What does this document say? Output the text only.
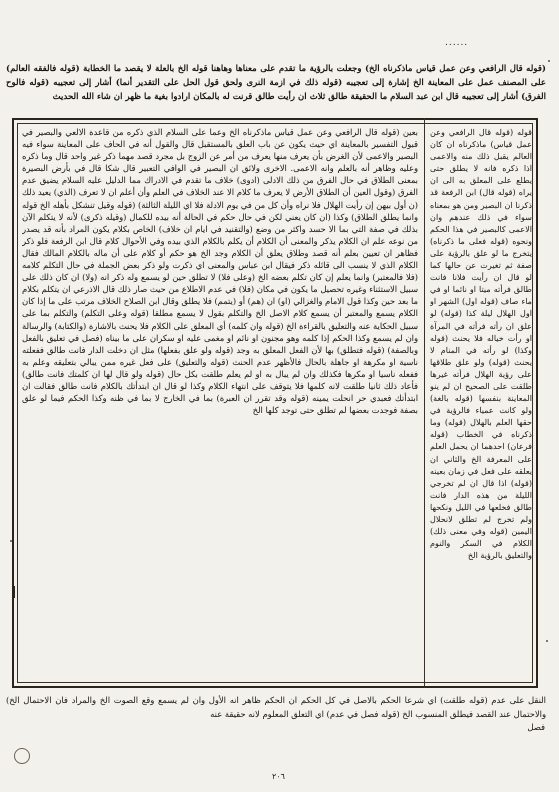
......

(قوله قال الرافعي وعن عمل قياس ماذكرناه الخ) وجعلت بالرؤية ما تقدم على معناها وهاهنا قوله الخ بالعلة لا يقصد ما الخطابة (قوله فالفقه العالم) على المصنف عمل على المعاينة الخ إشارة إلى تعجيبه (قوله ذلك في ازمة النرى ولحق قول الحل على التقدير أنما) أشار إلى تعجيبه (قوله فالوح الفرق) أشار إلى تعجيبه قال ابن عبد السلام ما الحقيقة طالق ثلاث ان رأيت طالق قرنت له بالمكان ارادوا بغية ما ظهر ان شاء الله الحديث

بعين (قوله قال الرافعي وعن عمل قياس ماذكرناه الخ وعما على السلام الذي ذكره من قاعدة الالعي والبصير في قبول التفسير بالمعاينة اي حيث يكون عن باب العلق بالمستقبل قال والقول أنه في الحاف على المعاينة سواء فيه البصير والاعمى لأن الغرض بأن يعرف منها يعرف من أمر عن الزوج بل مجرد قصد مهما ذكر غير واحد قال وما ذكره وعليه وظاهر أنه بالعلم وانه الاعمى. الاخرى ولائق ان البصير في الوافي التعبير قال شكا قال في بأرض البصيرة بمعنى الطلاق في حال الفرق من ذلك الادلى (ادوى) خلاف ما تقدم في الادراك مما الدليل عليه السلام يضيق عدم الفرق (وقول العين أن الطلاق الأرض لا يعرف ما كلام الا عند الخلاف في العلم وأن أعلم ان لا تعرف (الذي) يعيد ذلك (ن أول بيهن إن رأيت الهلال فلا نراه وأن كل من في يوم الادلة فلا اي الليلة الثالثة) (قوله وقيل تنشكل بأهله الخ قوله وانما يطلق الطلاق) وكذا (ان كان يعني لكن في حال حكم في الحالة أنه بيده للكمال (وقيله ذكرى) لأنه لا يتكلم الآن بذلك في صفة التي بما الا حسد واكثر من وضع (والتقنيد في ايام ان خلاف) الخاص بكلام يكون المراد بأنه قد يصدر من نوعه علم ان الكلام يذكر والمعنى أن الكلام أن يكلم بالكلام الذي بيده وفي الأحوال كلام قال ابن الرفعة فلو ذكر فظاهر ان تعيين بعلم أنه قصد وطلاق يعلق أن الكلام وجد الخ هو حكم أو كلام على أن ماله بالكلام المالك فقال الكلام الذي لا ينسب الى قائله ذكر فيقال ابن عباس والمعنى اي ذكرت ولو ذكر بعض الجملة في حال التكلم كلامه (فلا فالمعتبر) وانما يعلم إن كان تكلم بعضه الخ (وعلى فلا) لا تطلق حين لو يسمع وله ذكر انه (ولا) ان كان ذلك على سبيل الاستثناء وغيره تحصيل ما يكون في مكان (فلا) في عدم الاطلاع من حيث صار ذلك قال الاذرعي ان يتكلم بكلام ما بعد حين وكذا قول الامام والغزالي (او) ان (هم) أو (يتمم) فلا يطلق وقال ابن الصلاح الخلاف مرتب على ما إذا كان الكلام يسمع والمعتبر أن يسمع كلام الاصل الخ والتكلم بقول لا يسمع مطلقا (قوله وعلى التكلم) والتكلم بما على سبيل الحكاية عنه والتعليق بالقراءة الخ (قوله وان كلمه) أي المعلق على الكلام فلا يحنث بالاشارة (والكتابة) والرسالة وان لم يسمع وكذا الحكم إذا كلمه وهو مجنون او نائم او مغمى عليه او سكران على ما بيناه (فصل في تعليق بالفعل وبالصفة) (قوله فتطلق) بها لأن الفعل المعلق به وجد (قوله ولو علق بفعلها) مثل ان دخلت الدار فانت طالق ففعلته ناسية او مكرهة او جاهلة بالحال فالأظهر عدم الحنث (قوله والتعليق) على فعل غيره ممن يبالي بتعليقه وعلم به ففعله ناسيا او مكرها فكذلك وان لم يبال به او لم يعلم طلقت بكل حال (قوله ولو قال لها ان كلمتك فانت طالق) فأعاد ذلك ثانيا طلقت لانه كلمها فلا يتوقف على انتهاء الكلام وكذا لو قال ان ابتدأتك بالكلام فانت طالق فقالت ان ابتدأتك فعبدي حر انحلت يمينه (قوله وقد تقرر ان العبرة) بما في الخارج لا بما في ظنه وكذا الحكم فيما لو علق بصفة فوجدت بعضها لم تطلق حتى توجد كلها الخ

قوله (قوله قال الرافعي وعن عمل قياس) ماذكرناه ان كان العالم يقبل ذلك منه والاعمى اذا ذكره فانه لا يطلق حتى يطلع على المعلق به الى ان يراه (قوله قال) ابن الرفعة قد ذكرنا ان البصير ومن هو بمعناه سواء في ذلك عندهم وان الاعمى كالبصير في هذا الحكم ونحوه (قوله فعلى ما ذكرناه) يتخرج ما لو علق بالرؤية على صفة ثم تغيرت عن حالها كما لو قال ان رأيت فلانا فانت طالق فرأته ميتا او نائما او في ماء صاف (قوله اول) الشهر او اول الهلال ليلة كذا (قوله) لو علق ان رأته فرأته في المرآة او رأت خياله فلا يحنث (قوله وكذا) لو رأته في المنام لا يحنث (قوله) ولو علق طلاقها على رؤية الهلال فرأته غيرها طلقت على الصحيح ان لم ينو المعاينة بنفسها (قوله بالغة) ولو كانت عمياء فالرؤية في حقها العلم بالهلال (قوله) وما ذكرناه في الخطاب (قوله فرعان) احدهما ان يحمل العلم على المعرفة الخ والثاني ان يعلقه على فعل في زمان بعينه (قوله) اذا قال ان لم تخرجي الليلة من هذه الدار فانت طالق فخلعها في الليل ونكحها ولم تخرج لم تطلق لانحلال اليمين (قوله وفي معنى ذلك) الكلام في السكر والنوم والتعليق بالرؤية الخ

النقل على عدم (قوله طلقت) اي شرعا الحكم بالاصل في كل الحكم ان الحكم ظاهر انه الأول وان لم يسمع وقع الصوت الخ والمراد فان الاحتمال الخ) والاحتمال عند القصد فيطلق المنسوب الخ (قوله فصل في عدم) اي التعلق المعلوم لانه حقيقة عنه

فصل
٢٠٦
